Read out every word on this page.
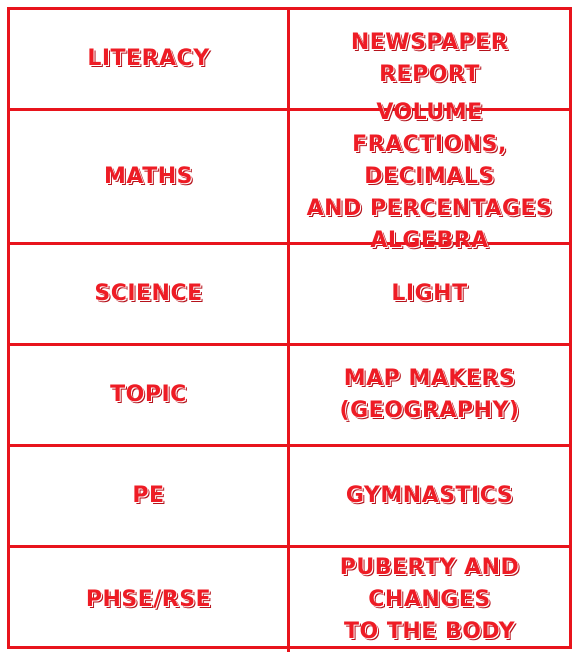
LITERACY
NEWSPAPER REPORT
MATHS
VOLUME
FRACTIONS, DECIMALS
AND PERCENTAGES
ALGEBRA
SCIENCE	LIGHT
TOPIC
MAP MAKERS
(GEOGRAPHY)
PE	GYMNASTICS
PHSE/RSE
PUBERTY AND CHANGES
TO THE BODY
